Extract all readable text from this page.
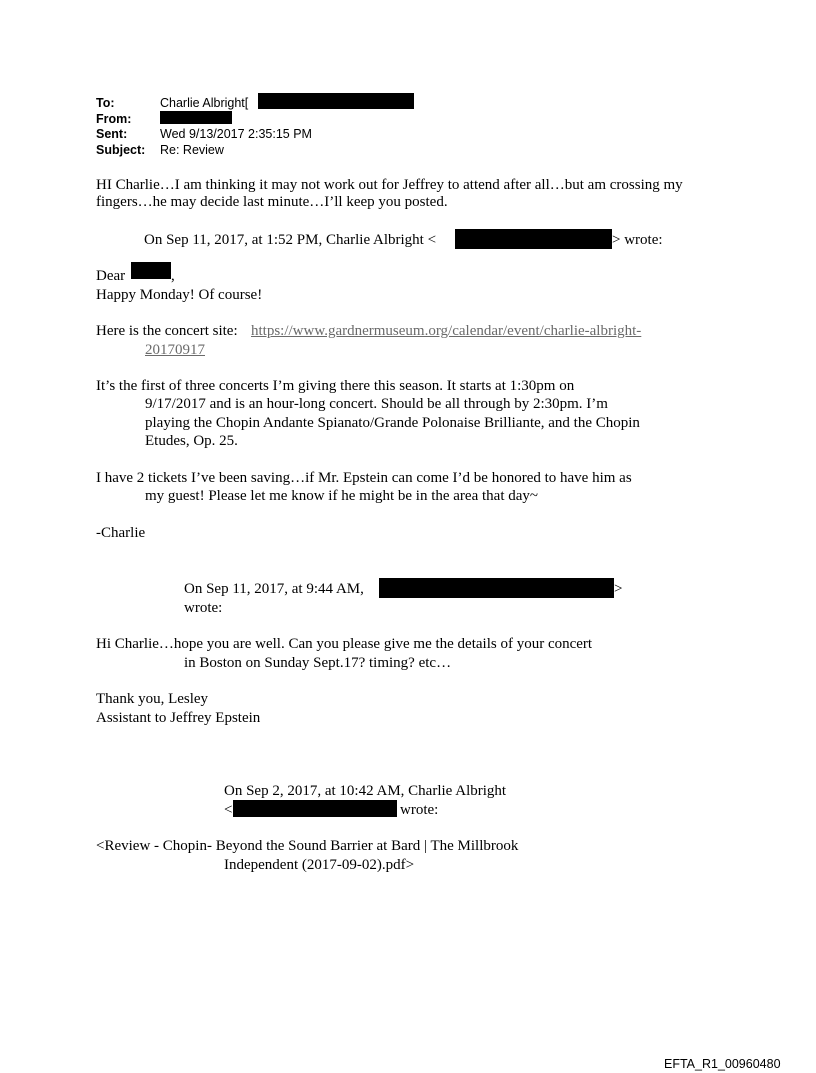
To:	Charlie Albright[
From:
Sent:	Wed 9/13/2017 2:35:15 PM
Subject: Re: Review
HI Charlie…I am thinking it may not work out for Jeffrey to attend after all…but am crossing my
fingers…he may decide last minute…I’ll keep you posted.
On Sep 11, 2017, at 1:52 PM, Charlie Albright <	> wrote:
Dear	,
Happy Monday! Of course!
Here is the concert site: https://www.gardnermuseum.org/calendar/event/charlie-albright-
20170917
It’s the first of three concerts I’m giving there this season. It starts at 1:30pm on
9/17/2017 and is an hour-long concert. Should be all through by 2:30pm. I’m
playing the Chopin Andante Spianato/Grande Polonaise Brilliante, and the Chopin
Etudes, Op. 25.
I have 2 tickets I’ve been saving…if Mr. Epstein can come I’d be honored to have him as
my guest! Please let me know if he might be in the area that day~
-Charlie
On Sep 11, 2017, at 9:44 AM,	>
wrote:
Hi Charlie…hope you are well. Can you please give me the details of your concert
in Boston on Sunday Sept.17? timing? etc…
Thank you, Lesley
Assistant to Jeffrey Epstein
On Sep 2, 2017, at 10:42 AM, Charlie Albright
<	wrote:
<Review - Chopin- Beyond the Sound Barrier at Bard | The Millbrook
Independent (2017-09-02).pdf>
EFTA_R1_00960480
